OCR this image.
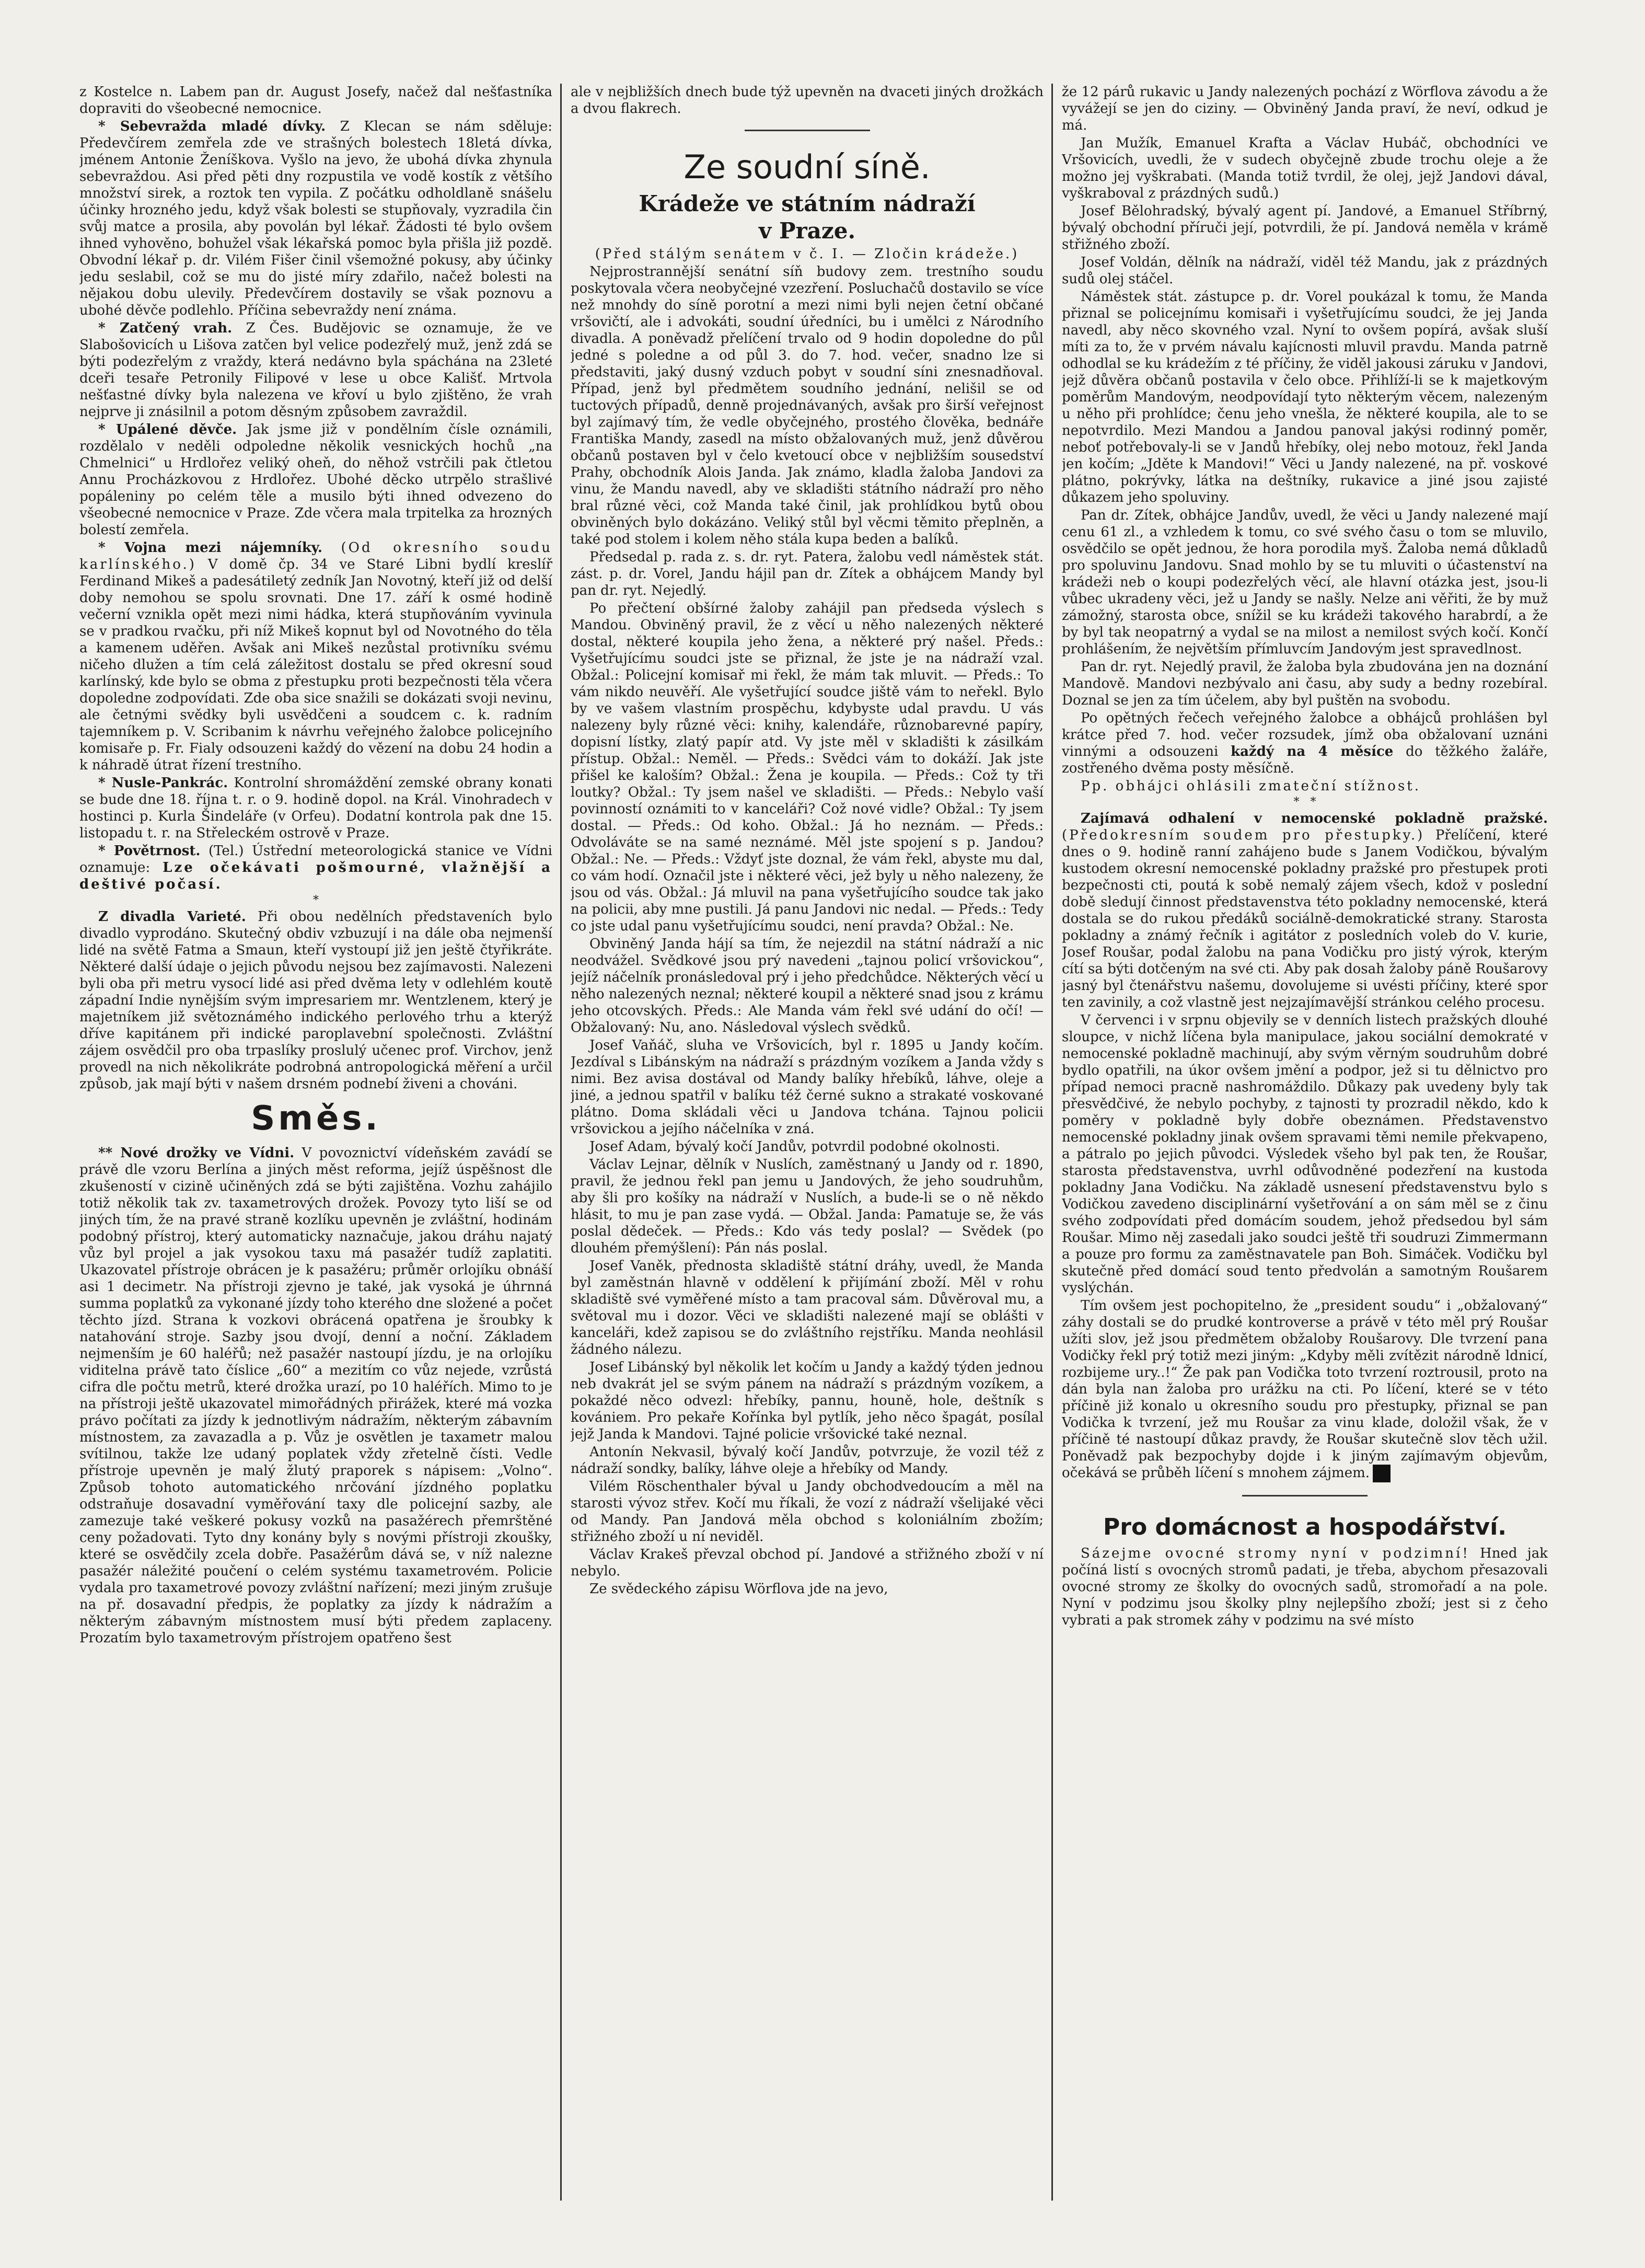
z Kostelce n. Labem pan dr. August Josefy, načež dal nešťastníka dopraviti do všeobecné nemocnice.

* Sebevražda mladé dívky. Z Klecan se nám sděluje: Předevčírem zemřela zde ve strašných bolestech 18letá dívka, jménem Antonie Ženíškova. Vyšlo na jevo, že ubohá dívka zhynula sebevraždou. Asi před pěti dny rozpustila ve vodě kostík z většího množství sirek, a roztok ten vypila. Z počátku odholdlaně snášelu účinky hrozného jedu, když však bolesti se stupňovaly, vyzradila čin svůj matce a prosila, aby povolán byl lékař. Žádosti té bylo ovšem ihned vyhověno, bohužel však lékařská pomoc byla přišla již pozdě. Obvodní lékař p. dr. Vilém Fišer činil všemožné pokusy, aby účinky jedu seslabil, což se mu do jisté míry zdařilo, načež bolesti na nějakou dobu ulevily. Předevčírem dostavily se však poznovu a ubohé děvče podlehlo. Příčina sebevraždy není známa.

* Zatčený vrah. Z Čes. Budějovic se oznamuje, že ve Slabošovicích u Lišova zatčen byl velice podezřelý muž, jenž zdá se býti podezřelým z vraždy, která nedávno byla spáchána na 23leté dceři tesaře Petronily Filipové v lese u obce Kališť. Mrtvola nešťastné dívky byla nalezena ve křoví u bylo zjištěno, že vrah nejprve ji znásilnil a potom děsným způsobem zavraždil.

* Upálené děvče. Jak jsme již v pondělním čísle oznámili, rozdělalo v neděli odpoledne několik vesnických hochů „na Chmelnici“ u Hrdlořez veliký oheň, do něhož vstrčili pak čtletou Annu Procházkovou z Hrdlořez. Ubohé děcko utrpělo strašlivé popáleniny po celém těle a musilo býti ihned odvezeno do všeobecné nemocnice v Praze. Zde včera mala trpitelka za hrozných bolestí zemřela.

* Vojna mezi nájemníky. (Od okresního soudu karlínského.) V domě čp. 34 ve Staré Libni bydlí kreslíř Ferdinand Mikeš a padesátiletý zedník Jan Novotný, kteří již od delší doby nemohou se spolu srovnati. Dne 17. září k osmé hodině večerní vznikla opět mezi nimi hádka, která stupňováním vyvinula se v pradkou rvačku, při níž Mikeš kopnut byl od Novotného do těla a kamenem uděřen. Avšak ani Mikeš nezůstal protivníku svému ničeho dlužen a tím celá záležitost dostalu se před okresní soud karlínský, kde bylo se obma z přestupku proti bezpečnosti těla včera dopoledne zodpovídati. Zde oba sice snažili se dokázati svoji nevinu, ale četnými svědky byli usvědčeni a soudcem c. k. radním tajemníkem p. V. Scribanim k návrhu veřejného žalobce policejního komisaře p. Fr. Fialy odsouzeni každý do vězení na dobu 24 hodin a k náhradě útrat řízení trestního.

* Nusle-Pankrác. Kontrolní shromáždění zemské obrany konati se bude dne 18. října t. r. o 9. hodině dopol. na Král. Vinohradech v hostinci p. Kurla Šindeláře (v Orfeu). Dodatní kontrola pak dne 15. listopadu t. r. na Střeleckém ostrově v Praze.

* Povětrnost. (Tel.) Ústřední meteorologická stanice ve Vídni oznamuje: Lze očekávati pošmourné, vlažnější a deštivé počasí.

*

Z divadla Varieté. Při obou nedělních představeních bylo divadlo vyprodáno. Skutečný obdiv vzbuzují i na dále oba nejmenší lidé na světě Fatma a Smaun, kteří vystoupí již jen ještě čtyřikráte. Některé další údaje o jejich původu nejsou bez zajímavosti. Nalezeni byli oba při metru vysocí lidé asi před dvěma lety v odlehlém koutě západní Indie nynějším svým impresariem mr. Wentzlenem, který je majetníkem již světoznámého indického perlového trhu a kterýž dříve kapitánem při indické paroplavební společnosti. Zvláštní zájem osvědčil pro oba trpaslíky proslulý učenec prof. Virchov, jenž provedl na nich několikráte podrobná antropologická měření a určil způsob, jak mají býti v našem drsném podnebí živeni a chováni.

Směs.

** Nové drožky ve Vídni. V povoznictví vídeňském zavádí se právě dle vzoru Berlína a jiných měst reforma, jejíž úspěšnost dle zkušeností v cizině učiněných zdá se býti zajištěna. Vozhu zahájilo totiž několik tak zv. taxametrových drožek. Povozy tyto liší se od jiných tím, že na pravé straně kozlíku upevněn je zvláštní, hodinám podobný přístroj, který automaticky naznačuje, jakou dráhu najatý vůz byl projel a jak vysokou taxu má pasažér tudíž zaplatiti. Ukazovatel přístroje obrácen je k pasažéru; průměr orlojíku obnáší asi 1 decimetr. Na přístroji zjevno je také, jak vysoká je úhrnná summa poplatků za vykonané jízdy toho kterého dne složené a počet těchto jízd. Strana k vozkovi obrácená opatřena je šroubky k natahování stroje. Sazby jsou dvojí, denní a noční. Základem nejmenším je 60 haléřů; než pasažér nastoupí jízdu, je na orlojíku viditelna právě tato číslice „60“ a mezitím co vůz nejede, vzrůstá cifra dle počtu metrů, které drožka urazí, po 10 haléřích. Mimo to je na přístroji ještě ukazovatel mimořádných přirážek, které má vozka právo počítati za jízdy k jednotlivým nádražím, některým zábavním místnostem, za zavazadla a p. Vůz je osvětlen je taxametr malou svítilnou, takže lze udaný poplatek vždy zřetelně čísti. Vedle přístroje upevněn je malý žlutý praporek s nápisem: „Volno“. Způsob tohoto automatického nrčování jízdného poplatku odstraňuje dosavadní vyměřování taxy dle policejní sazby, ale zamezuje také veškeré pokusy vozků na pasažérech přemrštěné ceny požadovati. Tyto dny konány byly s novými přístroji zkoušky, které se osvědčily zcela dobře. Pasažérům dává se, v níž nalezne pasažér náležité poučení o celém systému taxametrovém. Policie vydala pro taxametrové povozy zvláštní nařízení; mezi jiným zrušuje na př. dosavadní předpis, že poplatky za jízdy k nádražím a některým zábavným místnostem musí býti předem zaplaceny. Prozatím bylo taxametrovým přístrojem opatřeno šest

ale v nejbližších dnech bude týž upevněn na dvaceti jiných drožkách a dvou flakrech.

Ze soudní síně.
Krádeže ve státním nádraží
v Praze.

(Před stálým senátem v č. I. — Zločin krádeže.)

Nejprostrannější senátní síň budovy zem. trestního soudu poskytovala včera neobyčejné vzezření. Posluchačů dostavilo se více než mnohdy do síně porotní a mezi nimi byli nejen četní občané vršovičtí, ale i advokáti, soudní úředníci, bu i umělci z Národního divadla. A poněvadž přelíčení trvalo od 9 hodin dopoledne do půl jedné s poledne a od půl 3. do 7. hod. večer, snadno lze si představiti, jaký dusný vzduch pobyt v soudní síni znesnadňoval. Případ, jenž byl předmětem soudního jednání, nelišil se od tuctových případů, denně projednávaných, avšak pro širší veřejnost byl zajímavý tím, že vedle obyčejného, prostého člověka, bednáře Františka Mandy, zasedl na místo obžalovaných muž, jenž důvěrou občanů postaven byl v čelo kvetoucí obce v nejbližším sousedství Prahy, obchodník Alois Janda. Jak známo, kladla žaloba Jandovi za vinu, že Mandu navedl, aby ve skladišti státního nádraží pro něho bral různé věci, což Manda také činil, jak prohlídkou bytů obou obviněných bylo dokázáno. Veliký stůl byl věcmi těmito přeplněn, a také pod stolem i kolem něho stála kupa beden a balíků.

Předsedal p. rada z. s. dr. ryt. Patera, žalobu vedl náměstek stát. zást. p. dr. Vorel, Jandu hájil pan dr. Zítek a obhájcem Mandy byl pan dr. ryt. Nejedlý.

Po přečtení obšírné žaloby zahájil pan předseda výslech s Mandou. Obviněný pravil, že z věcí u něho nalezených některé dostal, některé koupila jeho žena, a některé prý našel. Předs.: Vyšetřujícímu soudci jste se přiznal, že jste je na nádraží vzal. Obžal.: Policejní komisař mi řekl, že mám tak mluvit. — Předs.: To vám nikdo neuvěří. Ale vyšetřující soudce jiště vám to neřekl. Bylo by ve vašem vlastním prospěchu, kdybyste udal pravdu. U vás nalezeny byly různé věci: knihy, kalendáře, různobarevné papíry, dopisní lístky, zlatý papír atd. Vy jste měl v skladišti k zásilkám přístup. Obžal.: Neměl. — Předs.: Svědci vám to dokáží. Jak jste přišel ke kaloším? Obžal.: Žena je koupila. — Předs.: Což ty tři loutky? Obžal.: Ty jsem našel ve skladišti. — Předs.: Nebylo vaší povinností oznámiti to v kanceláři? Což nové vidle? Obžal.: Ty jsem dostal. — Předs.: Od koho. Obžal.: Já ho neznám. — Předs.: Odvoláváte se na samé neznámé. Měl jste spojení s p. Jandou? Obžal.: Ne. — Předs.: Vždyť jste doznal, že vám řekl, abyste mu dal, co vám hodí. Označil jste i některé věci, jež byly u něho nalezeny, že jsou od vás. Obžal.: Já mluvil na pana vyšetřujícího soudce tak jako na policii, aby mne pustili. Já panu Jandovi nic nedal. — Předs.: Tedy co jste udal panu vyšetřujícímu soudci, není pravda? Obžal.: Ne.

Obviněný Janda hájí sa tím, že nejezdil na státní nádraží a nic neodvážel. Svědkové jsou prý navedeni „tajnou policí vršovickou“, jejíž náčelník pronásledoval prý i jeho předchůdce. Některých věcí u něho nalezených neznal; některé koupil a některé snad jsou z krámu jeho otcovských. Předs.: Ale Manda vám řekl své udání do očí! — Obžalovaný: Nu, ano. Následoval výslech svědků.

Josef Vaňáč, sluha ve Vršovicích, byl r. 1895 u Jandy kočím. Jezdíval s Libánským na nádraží s prázdným vozíkem a Janda vždy s nimi. Bez avisa dostával od Mandy balíky hřebíků, láhve, oleje a jiné, a jednou spatřil v balíku též černé sukno a strakaté voskované plátno. Doma skládali věci u Jandova tchána. Tajnou policii vršovickou a jejího náčelníka v zná.

Josef Adam, bývalý kočí Jandův, potvrdil podobné okolnosti.

Václav Lejnar, dělník v Nuslích, zaměstnaný u Jandy od r. 1890, pravil, že jednou řekl pan jemu u Jandových, že jeho soudruhům, aby šli pro košíky na nádraží v Nuslích, a bude-li se o ně někdo hlásit, to mu je pan zase vydá. — Obžal. Janda: Pamatuje se, že vás poslal dědeček. — Předs.: Kdo vás tedy poslal? — Svědek (po dlouhém přemýšlení): Pán nás poslal.

Josef Vaněk, přednosta skladiště státní dráhy, uvedl, že Manda byl zaměstnán hlavně v oddělení k přijímání zboží. Měl v rohu skladiště své vyměřené místo a tam pracoval sám. Důvěroval mu, a světoval mu i dozor. Věci ve skladišti nalezené mají se oblášti v kanceláři, kdež zapisou se do zvláštního rejstříku. Manda neohlásil žádného nálezu.

Josef Libánský byl několik let kočím u Jandy a každý týden jednou neb dvakrát jel se svým pánem na nádraží s prázdným vozíkem, a pokaždé něco odvezl: hřebíky, pannu, houně, hole, deštník s kovániem. Pro pekaře Kořínka byl pytlík, jeho něco špagát, posílal jejž Janda k Mandovi. Tajné policie vršovické také neznal.

Antonín Nekvasil, bývalý kočí Jandův, potvrzuje, že vozil též z nádraží sondky, balíky, láhve oleje a hřebíky od Mandy.

Vilém Röschenthaler býval u Jandy obchodvedoucím a měl na starosti vývoz střev. Kočí mu říkali, že vozí z nádraží všelijaké věci od Mandy. Pan Jandová měla obchod s koloniálním zbožím; střižného zboží u ní neviděl.

Václav Krakeš převzal obchod pí. Jandové a střižného zboží v ní nebylo.

Ze svědeckého zápisu Wörflova jde na jevo,

že 12 párů rukavic u Jandy nalezených pochází z Wörflova závodu a že vyvážejí se jen do ciziny. — Obviněný Janda praví, že neví, odkud je má.

Jan Mužík, Emanuel Krafta a Václav Hubáč, obchodníci ve Vršovicích, uvedli, že v sudech obyčejně zbude trochu oleje a že možno jej vyškrabati. (Manda totiž tvrdil, že olej, jejž Jandovi dával, vyškraboval z prázdných sudů.)

Josef Bělohradský, bývalý agent pí. Jandové, a Emanuel Stříbrný, bývalý obchodní příruči její, potvrdili, že pí. Jandová neměla v krámě střižného zboží.

Josef Voldán, dělník na nádraží, viděl též Mandu, jak z prázdných sudů olej stáčel.

Náměstek stát. zástupce p. dr. Vorel poukázal k tomu, že Manda přiznal se policejnímu komisaři i vyšetřujícímu soudci, že jej Janda navedl, aby něco skovného vzal. Nyní to ovšem popírá, avšak sluší míti za to, že v prvém návalu kajícnosti mluvil pravdu. Manda patrně odhodlal se ku krádežím z té příčiny, že viděl jakousi záruku v Jandovi, jejž důvěra občanů postavila v čelo obce. Přihlíží-li se k majetkovým poměrům Mandovým, neodpovídají tyto některým věcem, nalezeným u něho při prohlídce; čenu jeho vnešla, že některé koupila, ale to se nepotvrdilo. Mezi Mandou a Jandou panoval jakýsi rodinný poměr, neboť potřebovaly-li se v Jandů hřebíky, olej nebo motouz, řekl Janda jen kočím; „Jděte k Mandovi!“ Věci u Jandy nalezené, na př. voskové plátno, pokrývky, látka na deštníky, rukavice a jiné jsou zajisté důkazem jeho spoluviny.

Pan dr. Zítek, obhájce Jandův, uvedl, že věci u Jandy nalezené mají cenu 61 zl., a vzhledem k tomu, co své svého času o tom se mluvilo, osvědčilo se opět jednou, že hora porodila myš. Žaloba nemá důkladů pro spoluvinu Jandovu. Snad mohlo by se tu mluviti o účastenství na krádeži neb o koupi podezřelých věcí, ale hlavní otázka jest, jsou-li vůbec ukradeny věci, jež u Jandy se našly. Nelze ani věřiti, že by muž zámožný, starosta obce, snížil se ku krádeži takového harabrdí, a že by byl tak neopatrný a vydal se na milost a nemilost svých kočí. Končí prohlášením, že největším přímluvcím Jandovým jest spravedlnost.

Pan dr. ryt. Nejedlý pravil, že žaloba byla zbudována jen na doznání Mandově. Mandovi nezbývalo ani času, aby sudy a bedny rozebíral. Doznal se jen za tím účelem, aby byl puštěn na svobodu.

Po opětných řečech veřejného žalobce a obhájců prohlášen byl krátce před 7. hod. večer rozsudek, jímž oba obžalovaní uznáni vinnými a odsouzeni každý na 4 měsíce do těžkého žaláře, zostřeného dvěma posty měsíčně.

Pp. obhájci ohlásili zmateční stížnost.

*   *

Zajímavá odhalení v nemocenské pokladně pražské. (Předokresním soudem pro přestupky.) Přelíčení, které dnes o 9. hodině ranní zahájeno bude s Janem Vodičkou, bývalým kustodem okresní nemocenské pokladny pražské pro přestupek proti bezpečnosti cti, poutá k sobě nemalý zájem všech, kdož v poslední době sledují činnost představenstva této pokladny nemocenské, která dostala se do rukou předáků sociálně-demokratické strany. Starosta pokladny a známý řečník i agitátor z posledních voleb do V. kurie, Josef Roušar, podal žalobu na pana Vodičku pro jistý výrok, kterým cítí sa býti dotčeným na své cti. Aby pak dosah žaloby páně Roušarovy jasný byl čtenářstvu našemu, dovolujeme si uvésti příčiny, které spor ten zavinily, a což vlastně jest nejzajímavější stránkou celého procesu.

V červenci i v srpnu objevily se v denních listech pražských dlouhé sloupce, v nichž líčena byla manipulace, jakou sociální demokraté v nemocenské pokladně machinují, aby svým věrným soudruhům dobré bydlo opatřili, na úkor ovšem jmění a podpor, jež si tu dělnictvo pro případ nemoci pracně nashromáždilo. Důkazy pak uvedeny byly tak přesvědčivé, že nebylo pochyby, z tajnosti ty prozradil někdo, kdo k poměry v pokladně byly dobře obeznámen. Představenstvo nemocenské pokladny jinak ovšem spravami těmi nemile překvapeno, a pátralo po jejich původci. Výsledek všeho byl pak ten, že Roušar, starosta představenstva, uvrhl odůvodněné podezření na kustoda pokladny Jana Vodičku. Na základě usnesení představenstvu bylo s Vodičkou zavedeno disciplinární vyšetřování a on sám měl se z činu svého zodpovídati před domácím soudem, jehož předsedou byl sám Roušar. Mimo něj zasedali jako soudci ještě tři soudruzi Zimmermann a pouze pro formu za zaměstnavatele pan Boh. Simáček. Vodičku byl skutečně před domácí soud tento předvolán a samotným Roušarem vyslýchán.

Tím ovšem jest pochopitelno, že „president soudu“ i „obžalovaný“ záhy dostali se do prudké kontroverse a právě v této měl prý Roušar užíti slov, jež jsou předmětem obžaloby Roušarovy. Dle tvrzení pana Vodičky řekl prý totiž mezi jiným: „Kdyby měli zvítězit národně ldnicí, rozbijeme ury..!“ Že pak pan Vodička toto tvrzení roztrousil, proto na dán byla nan žaloba pro urážku na cti. Po líčení, které se v této příčině již konalo u okresního soudu pro přestupky, přiznal se pan Vodička k tvrzení, jež mu Roušar za vinu klade, doložil však, že v příčině té nastoupí důkaz pravdy, že Roušar skutečně slov těch užil. Poněvadž pak bezpochyby dojde i k jiným zajímavým objevům, očekává se průběh líčení s mnohem zájmem.

Pro domácnost a hospodářství.

Sázejme ovocné stromy nyní v podzimní! Hned jak počíná listí s ovocných stromů padati, je třeba, abychom přesazovali ovocné stromy ze školky do ovocných sadů, stromořadí a na pole. Nyní v podzimu jsou školky plny nejlepšího zboží; jest si z čeho vybrati a pak stromek záhy v podzimu na své místo
